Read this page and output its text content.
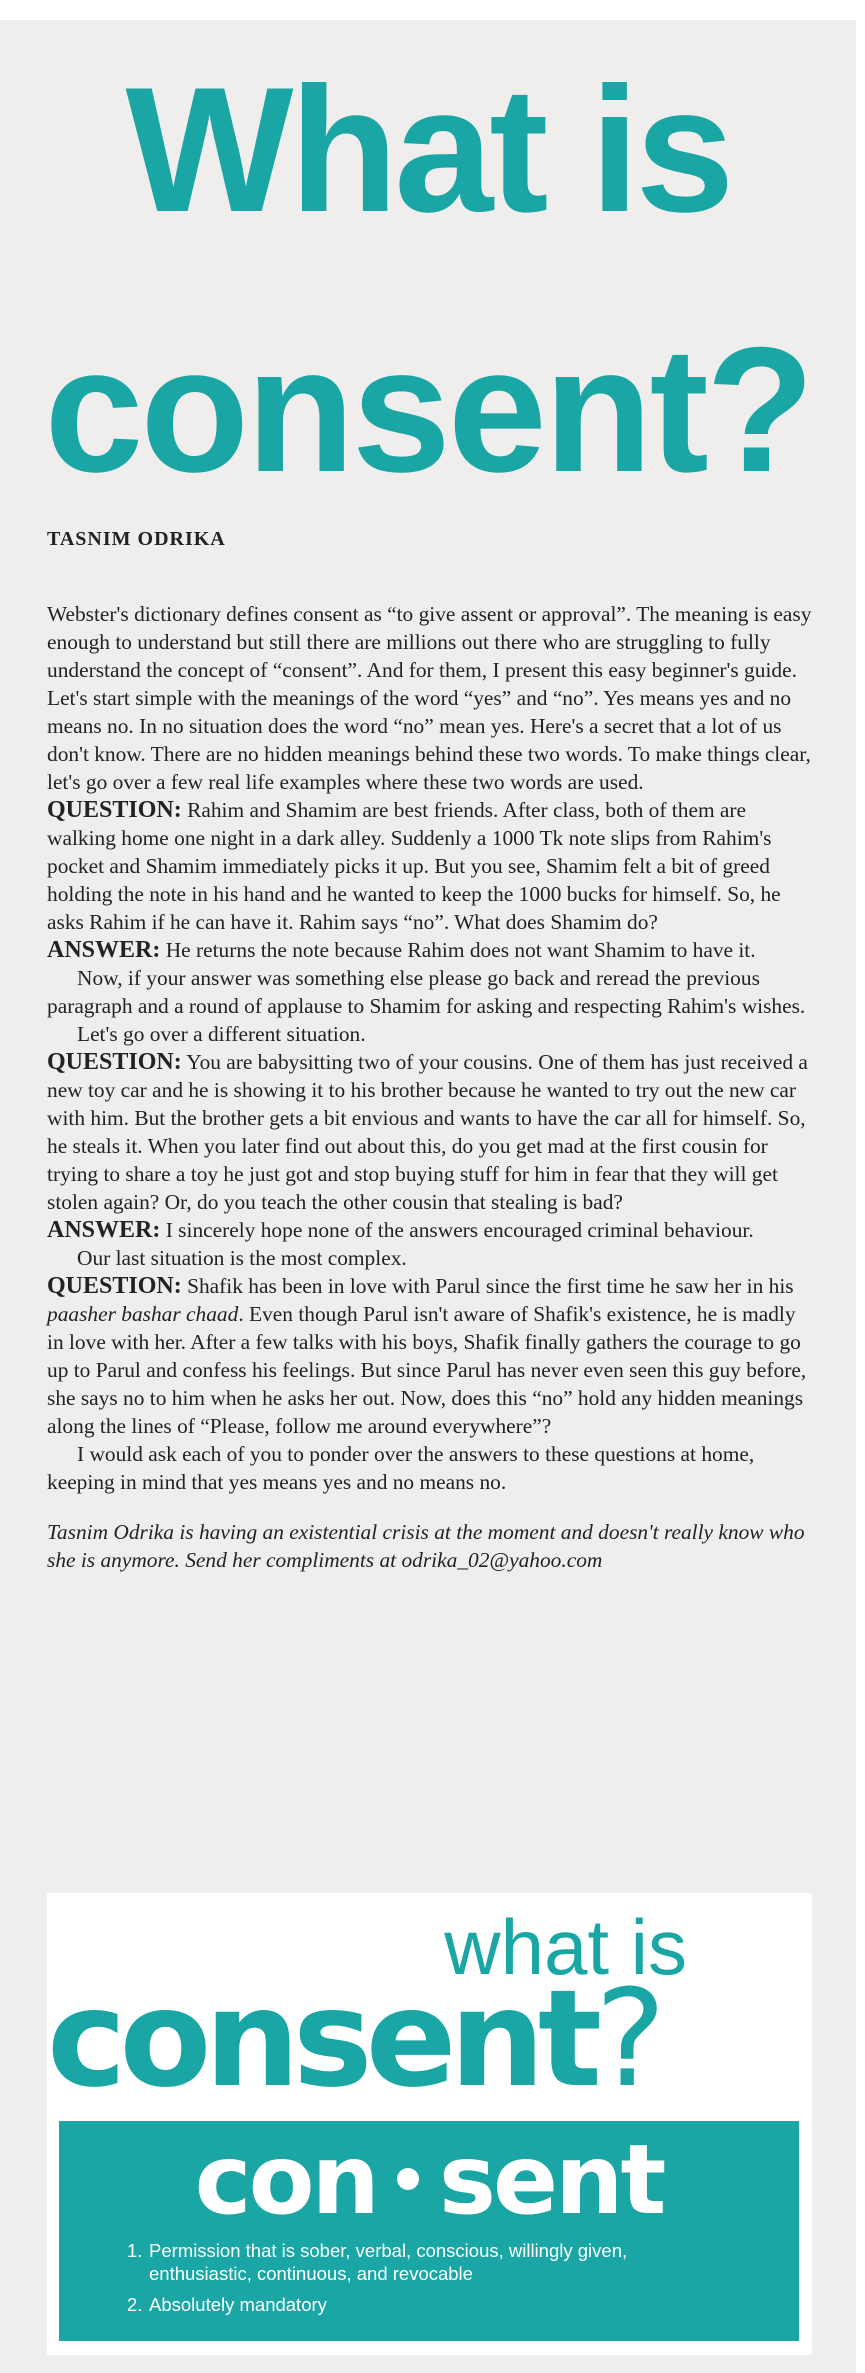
What is
consent?
TASNIM ODRIKA

Webster's dictionary defines consent as “to give assent or approval”. The meaning is easy enough to understand but still there are millions out there who are struggling to fully understand the concept of “consent”. And for them, I present this easy beginner's guide.

Let's start simple with the meanings of the word “yes” and “no”. Yes means yes and no means no. In no situation does the word “no” mean yes. Here's a secret that a lot of us don't know. There are no hidden meanings behind these two words. To make things clear, let's go over a few real life examples where these two words are used.

QUESTION: Rahim and Shamim are best friends. After class, both of them are walking home one night in a dark alley. Suddenly a 1000 Tk note slips from Rahim's pocket and Shamim immediately picks it up. But you see, Shamim felt a bit of greed holding the note in his hand and he wanted to keep the 1000 bucks for himself. So, he asks Rahim if he can have it. Rahim says “no”. What does Shamim do?

ANSWER: He returns the note because Rahim does not want Shamim to have it.

Now, if your answer was something else please go back and reread the previous paragraph and a round of applause to Shamim for asking and respecting Rahim's wishes.

Let's go over a different situation.

QUESTION: You are babysitting two of your cousins. One of them has just received a new toy car and he is showing it to his brother because he wanted to try out the new car with him. But the brother gets a bit envious and wants to have the car all for himself. So, he steals it. When you later find out about this, do you get mad at the first cousin for trying to share a toy he just got and stop buying stuff for him in fear that they will get stolen again? Or, do you teach the other cousin that stealing is bad?

ANSWER: I sincerely hope none of the answers encouraged criminal behaviour.

Our last situation is the most complex.

QUESTION: Shafik has been in love with Parul since the first time he saw her in his paasher bashar chaad. Even though Parul isn't aware of Shafik's existence, he is madly in love with her. After a few talks with his boys, Shafik finally gathers the courage to go up to Parul and confess his feelings. But since Parul has never even seen this guy before, she says no to him when he asks her out. Now, does this “no” hold any hidden meanings along the lines of “Please, follow me around everywhere”?

I would ask each of you to ponder over the answers to these questions at home, keeping in mind that yes means yes and no means no.

Tasnim Odrika is having an existential crisis at the moment and doesn't really know who she is anymore. Send her compliments at odrika_02@yahoo.com

what is
consent?
con sent
1. Permission that is sober, verbal, conscious, willingly given, enthusiastic, continuous, and revocable
2. Absolutely mandatory
